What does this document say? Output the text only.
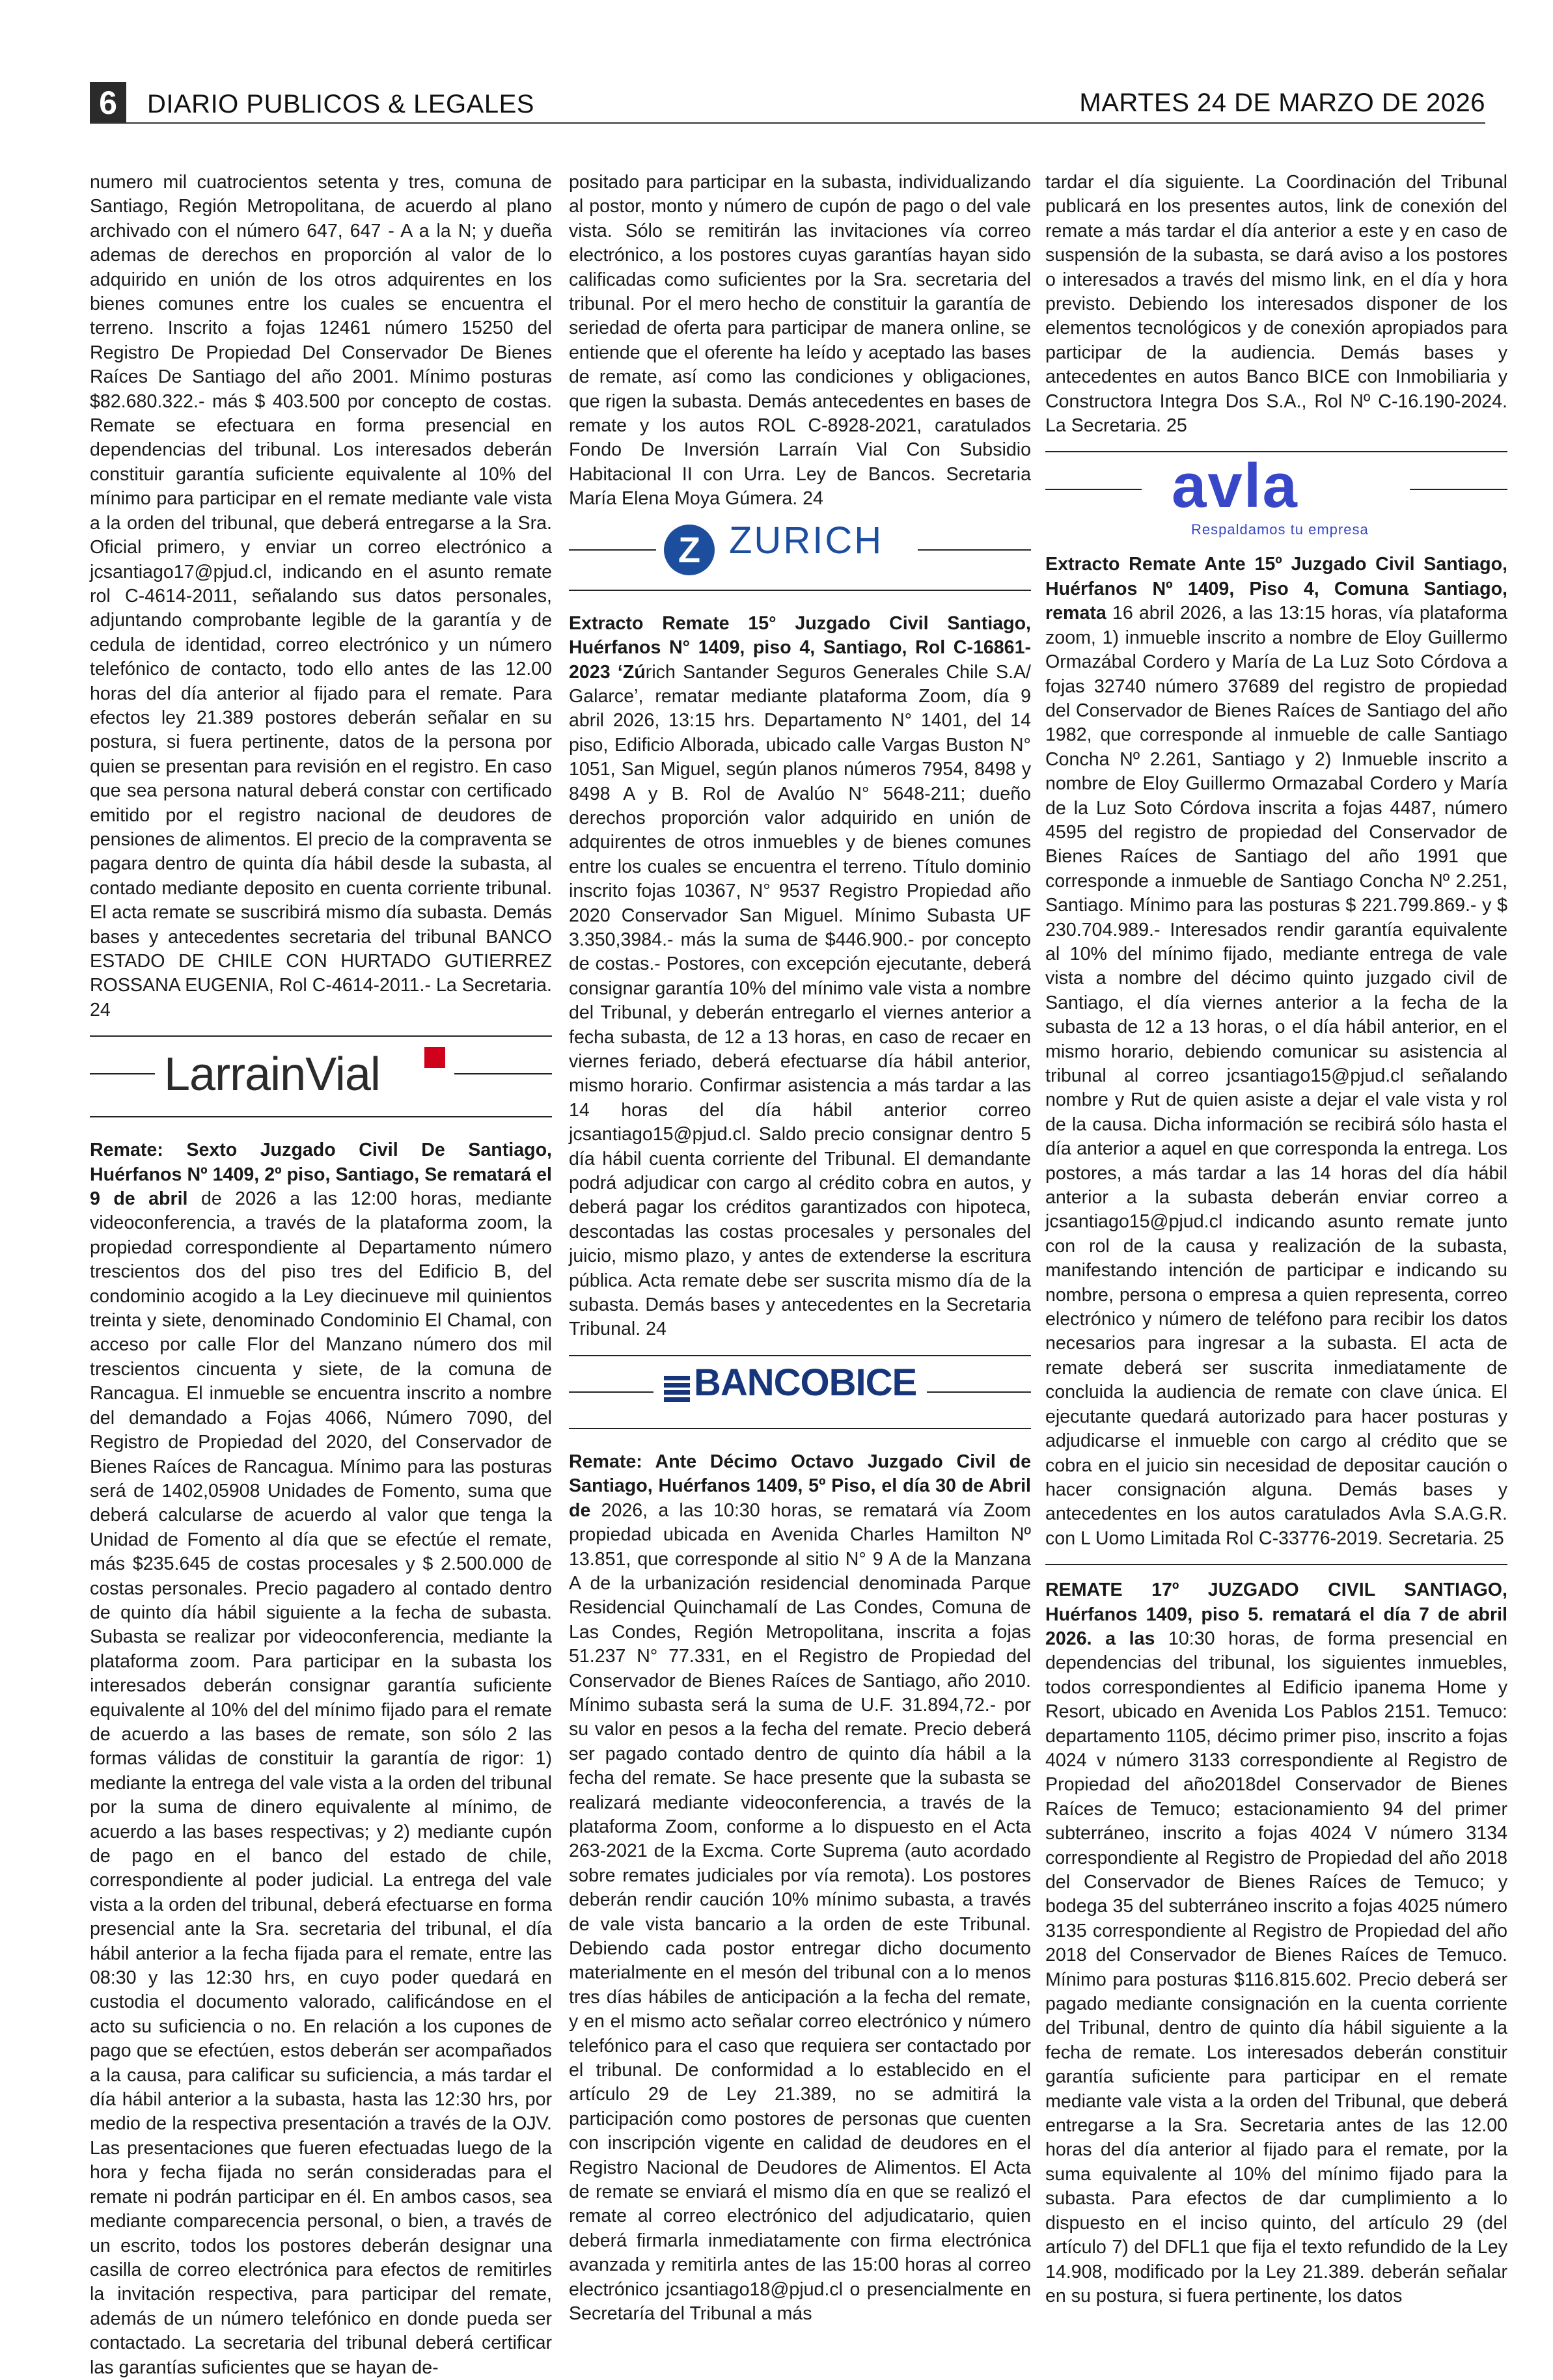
6	DIARIO PUBLICOS & LEGALES	MARTES 24 DE MARZO DE 2026

numero mil cuatrocientos setenta y tres, comuna de Santiago, Región Metropolitana, de acuerdo al plano archivado con el número 647, 647 - A a la N; y dueña ademas de derechos en proporción al valor de lo adquirido en unión de los otros adquirentes en los bienes comunes entre los cuales se encuentra el terreno. Inscrito a fojas 12461 número 15250 del Registro De Propiedad Del Conservador De Bienes Raíces De Santiago del año 2001. Mínimo posturas $82.680.322.- más $ 403.500 por concepto de costas. Remate se efectuara en forma presencial en dependencias del tribunal. Los interesados deberán constituir garantía suficiente equivalente al 10% del mínimo para participar en el remate mediante vale vista a la orden del tribunal, que deberá entregarse a la Sra. Oficial primero, y enviar un correo electrónico a jcsantiago17@pjud.cl, indicando en el asunto remate rol C-4614-2011, señalando sus datos personales, adjuntando comprobante legible de la garantía y de cedula de identidad, correo electrónico y un número telefónico de contacto, todo ello antes de las 12.00 horas del día anterior al fijado para el remate. Para efectos ley 21.389 postores deberán señalar en su postura, si fuera pertinente, datos de la persona por quien se presentan para revisión en el registro. En caso que sea persona natural deberá constar con certificado emitido por el registro nacional de deudores de pensiones de alimentos. El precio de la compraventa se pagara dentro de quinta día hábil desde la subasta, al contado mediante deposito en cuenta corriente tribunal. El acta remate se suscribirá mismo día subasta. Demás bases y antecedentes secretaria del tribunal BANCO ESTADO DE CHILE CON HURTADO GUTIERREZ ROSSANA EUGENIA, Rol C-4614-2011.- La Secretaria. 24

LarrainVial

Remate: Sexto Juzgado Civil De Santiago, Huérfanos Nº 1409, 2º piso, Santiago, Se rematará el 9 de abril de 2026 a las 12:00 horas, mediante videoconferencia, a través de la plataforma zoom, la propiedad correspondiente al Departamento número trescientos dos del piso tres del Edificio B, del condominio acogido a la Ley diecinueve mil quinientos treinta y siete, denominado Condominio El Chamal, con acceso por calle Flor del Manzano número dos mil trescientos cincuenta y siete, de la comuna de Rancagua. El inmueble se encuentra inscrito a nombre del demandado a Fojas 4066, Número 7090, del Registro de Propiedad del 2020, del Conservador de Bienes Raíces de Rancagua. Mínimo para las posturas será de 1402,05908 Unidades de Fomento, suma que deberá calcularse de acuerdo al valor que tenga la Unidad de Fomento al día que se efectúe el remate, más $235.645 de costas procesales y $ 2.500.000 de costas personales. Precio pagadero al contado dentro de quinto día hábil siguiente a la fecha de subasta. Subasta se realizar por videoconferencia, mediante la plataforma zoom. Para participar en la subasta los interesados deberán consignar garantía suficiente equivalente al 10% del del mínimo fijado para el remate de acuerdo a las bases de remate, son sólo 2 las formas válidas de constituir la garantía de rigor: 1) mediante la entrega del vale vista a la orden del tribunal por la suma de dinero equivalente al mínimo, de acuerdo a las bases respectivas; y 2) mediante cupón de pago en el banco del estado de chile, correspondiente al poder judicial. La entrega del vale vista a la orden del tribunal, deberá efectuarse en forma presencial ante la Sra. secretaria del tribunal, el día hábil anterior a la fecha fijada para el remate, entre las 08:30 y las 12:30 hrs, en cuyo poder quedará en custodia el documento valorado, calificándose en el acto su suficiencia o no. En relación a los cupones de pago que se efectúen, estos deberán ser acompañados a la causa, para calificar su suficiencia, a más tardar el día hábil anterior a la subasta, hasta las 12:30 hrs, por medio de la respectiva presentación a través de la OJV. Las presentaciones que fueren efectuadas luego de la hora y fecha fijada no serán consideradas para el remate ni podrán participar en él. En ambos casos, sea mediante comparecencia personal, o bien, a través de un escrito, todos los postores deberán designar una casilla de correo electrónica para efectos de remitirles la invitación respectiva, para participar del remate, además de un número telefónico en donde pueda ser contactado. La secretaria del tribunal deberá certificar las garantías suficientes que se hayan de-

positado para participar en la subasta, individualizando al postor, monto y número de cupón de pago o del vale vista. Sólo se remitirán las invitaciones vía correo electrónico, a los postores cuyas garantías hayan sido calificadas como suficientes por la Sra. secretaria del tribunal. Por el mero hecho de constituir la garantía de seriedad de oferta para participar de manera online, se entiende que el oferente ha leído y aceptado las bases de remate, así como las condiciones y obligaciones, que rigen la subasta. Demás antecedentes en bases de remate y los autos ROL C-8928-2021, caratulados Fondo De Inversión Larraín Vial Con Subsidio Habitacional II con Urra. Ley de Bancos. Secretaria María Elena Moya Gúmera. 24

Z ZURICH

Extracto Remate 15° Juzgado Civil Santiago, Huérfanos N° 1409, piso 4, Santiago, Rol C-16861-2023 ‘Zúrich Santander Seguros Generales Chile S.A/ Galarce’, rematar mediante plataforma Zoom, día 9 abril 2026, 13:15 hrs. Departamento N° 1401, del 14 piso, Edificio Alborada, ubicado calle Vargas Buston N° 1051, San Miguel, según planos números 7954, 8498 y 8498 A y B. Rol de Avalúo N° 5648-211; dueño derechos proporción valor adquirido en unión de adquirentes de otros inmuebles y de bienes comunes entre los cuales se encuentra el terreno. Título dominio inscrito fojas 10367, N° 9537 Registro Propiedad año 2020 Conservador San Miguel. Mínimo Subasta UF 3.350,3984.- más la suma de $446.900.- por concepto de costas.- Postores, con excepción ejecutante, deberá consignar garantía 10% del mínimo vale vista a nombre del Tribunal, y deberán entregarlo el viernes anterior a fecha subasta, de 12 a 13 horas, en caso de recaer en viernes feriado, deberá efectuarse día hábil anterior, mismo horario. Confirmar asistencia a más tardar a las 14 horas del día hábil anterior correo jcsantiago15@pjud.cl. Saldo precio consignar dentro 5 día hábil cuenta corriente del Tribunal. El demandante podrá adjudicar con cargo al crédito cobra en autos, y deberá pagar los créditos garantizados con hipoteca, descontadas las costas procesales y personales del juicio, mismo plazo, y antes de extenderse la escritura pública. Acta remate debe ser suscrita mismo día de la subasta. Demás bases y antecedentes en la Secretaria Tribunal. 24

BANCOBICE

Remate: Ante Décimo Octavo Juzgado Civil de Santiago, Huérfanos 1409, 5º Piso, el día 30 de Abril de 2026, a las 10:30 horas, se rematará vía Zoom propiedad ubicada en Avenida Charles Hamilton Nº 13.851, que corresponde al sitio N° 9 A de la Manzana A de la urbanización residencial denominada Parque Residencial Quinchamalí de Las Condes, Comuna de Las Condes, Región Metropolitana, inscrita a fojas 51.237 N° 77.331, en el Registro de Propiedad del Conservador de Bienes Raíces de Santiago, año 2010. Mínimo subasta será la suma de U.F. 31.894,72.- por su valor en pesos a la fecha del remate. Precio deberá ser pagado contado dentro de quinto día hábil a la fecha del remate. Se hace presente que la subasta se realizará mediante videoconferencia, a través de la plataforma Zoom, conforme a lo dispuesto en el Acta 263-2021 de la Excma. Corte Suprema (auto acordado sobre remates judiciales por vía remota). Los postores deberán rendir caución 10% mínimo subasta, a través de vale vista bancario a la orden de este Tribunal. Debiendo cada postor entregar dicho documento materialmente en el mesón del tribunal con a lo menos tres días hábiles de anticipación a la fecha del remate, y en el mismo acto señalar correo electrónico y número telefónico para el caso que requiera ser contactado por el tribunal. De conformidad a lo establecido en el artículo 29 de Ley 21.389, no se admitirá la participación como postores de personas que cuenten con inscripción vigente en calidad de deudores en el Registro Nacional de Deudores de Alimentos. El Acta de remate se enviará el mismo día en que se realizó el remate al correo electrónico del adjudicatario, quien deberá firmarla inmediatamente con firma electrónica avanzada y remitirla antes de las 15:00 horas al correo electrónico jcsantiago18@pjud.cl o presencialmente en Secretaría del Tribunal a más

tardar el día siguiente. La Coordinación del Tribunal publicará en los presentes autos, link de conexión del remate a más tardar el día anterior a este y en caso de suspensión de la subasta, se dará aviso a los postores o interesados a través del mismo link, en el día y hora previsto. Debiendo los interesados disponer de los elementos tecnológicos y de conexión apropiados para participar de la audiencia. Demás bases y antecedentes en autos Banco BICE con Inmobiliaria y Constructora Integra Dos S.A., Rol Nº C-16.190-2024. La Secretaria. 25

avla
Respaldamos tu empresa

Extracto Remate Ante 15º Juzgado Civil Santiago, Huérfanos Nº 1409, Piso 4, Comuna Santiago, remata 16 abril 2026, a las 13:15 horas, vía plataforma zoom, 1) inmueble inscrito a nombre de Eloy Guillermo Ormazábal Cordero y María de La Luz Soto Córdova a fojas 32740 número 37689 del registro de propiedad del Conservador de Bienes Raíces de Santiago del año 1982, que corresponde al inmueble de calle Santiago Concha Nº 2.261, Santiago y 2) Inmueble inscrito a nombre de Eloy Guillermo Ormazabal Cordero y María de la Luz Soto Córdova inscrita a fojas 4487, número 4595 del registro de propiedad del Conservador de Bienes Raíces de Santiago del año 1991 que corresponde a inmueble de Santiago Concha Nº 2.251, Santiago. Mínimo para las posturas $ 221.799.869.- y $ 230.704.989.- Interesados rendir garantía equivalente al 10% del mínimo fijado, mediante entrega de vale vista a nombre del décimo quinto juzgado civil de Santiago, el día viernes anterior a la fecha de la subasta de 12 a 13 horas, o el día hábil anterior, en el mismo horario, debiendo comunicar su asistencia al tribunal al correo jcsantiago15@pjud.cl señalando nombre y Rut de quien asiste a dejar el vale vista y rol de la causa. Dicha información se recibirá sólo hasta el día anterior a aquel en que corresponda la entrega. Los postores, a más tardar a las 14 horas del día hábil anterior a la subasta deberán enviar correo a jcsantiago15@pjud.cl indicando asunto remate junto con rol de la causa y realización de la subasta, manifestando intención de participar e indicando su nombre, persona o empresa a quien representa, correo electrónico y número de teléfono para recibir los datos necesarios para ingresar a la subasta. El acta de remate deberá ser suscrita inmediatamente de concluida la audiencia de remate con clave única. El ejecutante quedará autorizado para hacer posturas y adjudicarse el inmueble con cargo al crédito que se cobra en el juicio sin necesidad de depositar caución o hacer consignación alguna. Demás bases y antecedentes en los autos caratulados Avla S.A.G.R. con L Uomo Limitada Rol C-33776-2019. Secretaria. 25

REMATE 17º JUZGADO CIVIL SANTIAGO, Huérfanos 1409, piso 5. rematará el día 7 de abril 2026. a las 10:30 horas, de forma presencial en dependencias del tribunal, los siguientes inmuebles, todos correspondientes al Edificio ipanema Home y Resort, ubicado en Avenida Los Pablos 2151. Temuco: departamento 1105, décimo primer piso, inscrito a fojas 4024 v número 3133 correspondiente al Registro de Propiedad del año2018del Conservador de Bienes Raíces de Temuco; estacionamiento 94 del primer subterráneo, inscrito a fojas 4024 V número 3134 correspondiente al Registro de Propiedad del año 2018 del Conservador de Bienes Raíces de Temuco; y bodega 35 del subterráneo inscrito a fojas 4025 número 3135 correspondiente al Registro de Propiedad del año 2018 del Conservador de Bienes Raíces de Temuco. Mínimo para posturas $116.815.602. Precio deberá ser pagado mediante consignación en la cuenta corriente del Tribunal, dentro de quinto día hábil siguiente a la fecha de remate. Los interesados deberán constituir garantía suficiente para participar en el remate mediante vale vista a la orden del Tribunal, que deberá entregarse a la Sra. Secretaria antes de las 12.00 horas del día anterior al fijado para el remate, por la suma equivalente al 10% del mínimo fijado para la subasta. Para efectos de dar cumplimiento a lo dispuesto en el inciso quinto, del artículo 29 (del artículo 7) del DFL1 que fija el texto refundido de la Ley 14.908, modificado por la Ley 21.389. deberán señalar en su postura, si fuera pertinente, los datos
